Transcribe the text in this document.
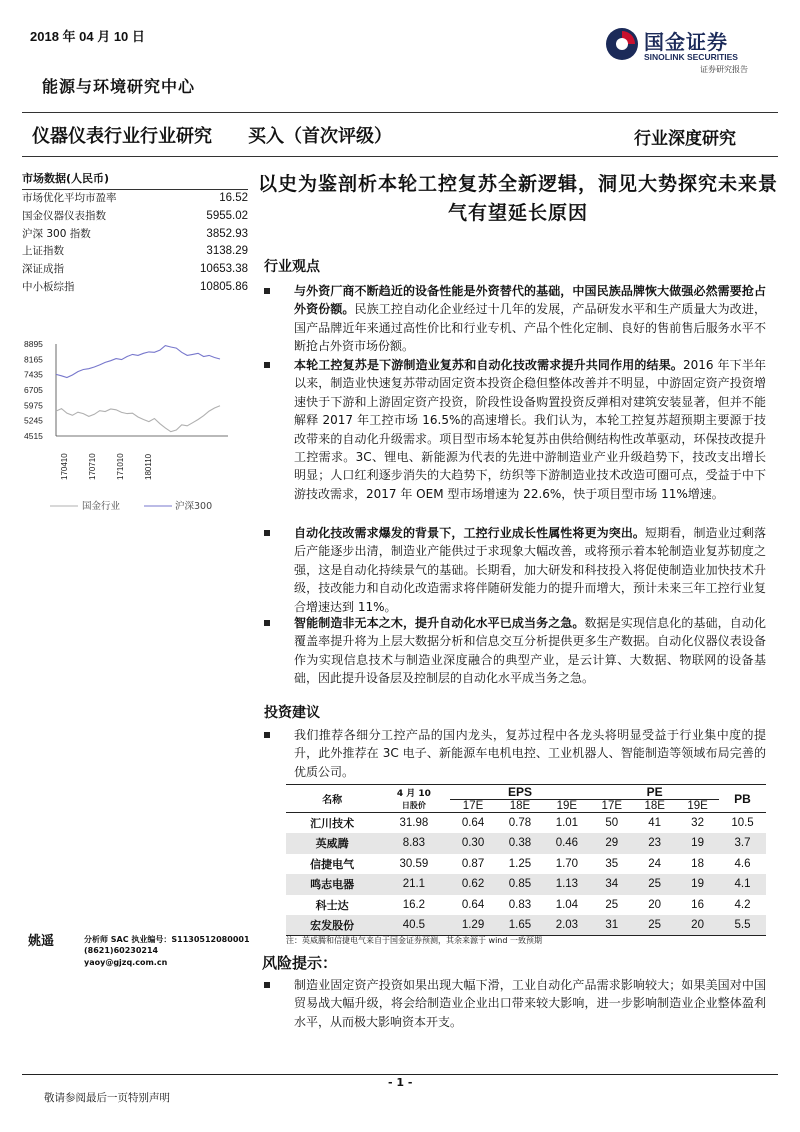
2018 年 04 月 10 日	国金证券
SINOLINK SECURITIES
证券研究报告
能源与环境研究中心
仪器仪表行业行业研究 买入（首次评级）	行业深度研究
市场数据(人民币)
市场优化平均市盈率	16.52
国金仪器仪表指数	5955.02
沪深 300 指数	3852.93
上证指数	3138.29
深证成指	10653.38
中小板综指	10805.86
8895
8165
7435
6705
5975
5245
4515
170410 170710 171010 180110
国金行业	沪深300
姚遥	分析师 SAC 执业编号：S1130512080001
(8621)60230214
yaoy@gjzq.com.cn
以史为鉴剖析本轮工控复苏全新逻辑，洞见大势探究未来景气有望延长原因
行业观点
与外资厂商不断趋近的设备性能是外资替代的基础，中国民族品牌恢大做强必然需要抢占外资份额。民族工控自动化企业经过十几年的发展，产品研发水平和生产质量大为改进，国产品牌近年来通过高性价比和行业专机、产品个性化定制、良好的售前售后服务水平不断抢占外资市场份额。
本轮工控复苏是下游制造业复苏和自动化技改需求提升共同作用的结果。2016 年下半年以来，制造业快速复苏带动固定资本投资企稳但整体改善并不明显，中游固定资产投资增速快于下游和上游固定资产投资，阶段性设备购置投资反弹相对建筑安装显著，但并不能解释 2017 年工控市场 16.5%的高速增长。我们认为，本轮工控复苏超预期主要源于技改带来的自动化升级需求。项目型市场本轮复苏由供给侧结构性改革驱动，环保技改提升工控需求。3C、锂电、新能源为代表的先进中游制造业产业升级趋势下，技改支出增长明显；人口红利逐步消失的大趋势下，纺织等下游制造业技术改造可圈可点，受益于中下游技改需求，2017 年 OEM 型市场增速为 22.6%，快于项目型市场 11%增速。
自动化技改需求爆发的背景下，工控行业成长性属性将更为突出。短期看，制造业过剩落后产能逐步出清，制造业产能供过于求现象大幅改善，或将预示着本轮制造业复苏韧度之强，这是自动化持续景气的基础。长期看，加大研发和科技投入将促使制造业加快技术升级，技改能力和自动化改造需求将伴随研发能力的提升而增大，预计未来三年工控行业复合增速达到 11%。
智能制造非无本之木，提升自动化水平已成当务之急。数据是实现信息化的基础，自动化覆盖率提升将为上层大数据分析和信息交互分析提供更多生产数据。自动化仪器仪表设备作为实现信息技术与制造业深度融合的典型产业，是云计算、大数据、物联网的设备基础，因此提升设备层及控制层的自动化水平成当务之急。
投资建议
我们推荐各细分工控产品的国内龙头，复苏过程中各龙头将明显受益于行业集中度的提升，此外推荐在 3C 电子、新能源车电机电控、工业机器人、智能制造等领域布局完善的优质公司。
名称	4 月 10	EPS			PE			PB
	日股价	17E	18E	19E	17E	18E	19E	
汇川技术	31.98	0.64	0.78	1.01	50	41	32	10.5
英威腾	8.83	0.30	0.38	0.46	29	23	19	3.7
信捷电气	30.59	0.87	1.25	1.70	35	24	18	4.6
鸣志电器	21.1	0.62	0.85	1.13	34	25	19	4.1
科士达	16.2	0.64	0.83	1.04	25	20	16	4.2
宏发股份	40.5	1.29	1.65	2.03	31	25	20	5.5
注：英威腾和信捷电气来自于国金证券预测，其余来源于 wind 一致预期
风险提示：
制造业固定资产投资如果出现大幅下滑，工业自动化产品需求影响较大；如果美国对中国贸易战大幅升级，将会给制造业企业出口带来较大影响，进一步影响制造业企业整体盈利水平，从而极大影响资本开支。
- 1 -
敬请参阅最后一页特别声明
